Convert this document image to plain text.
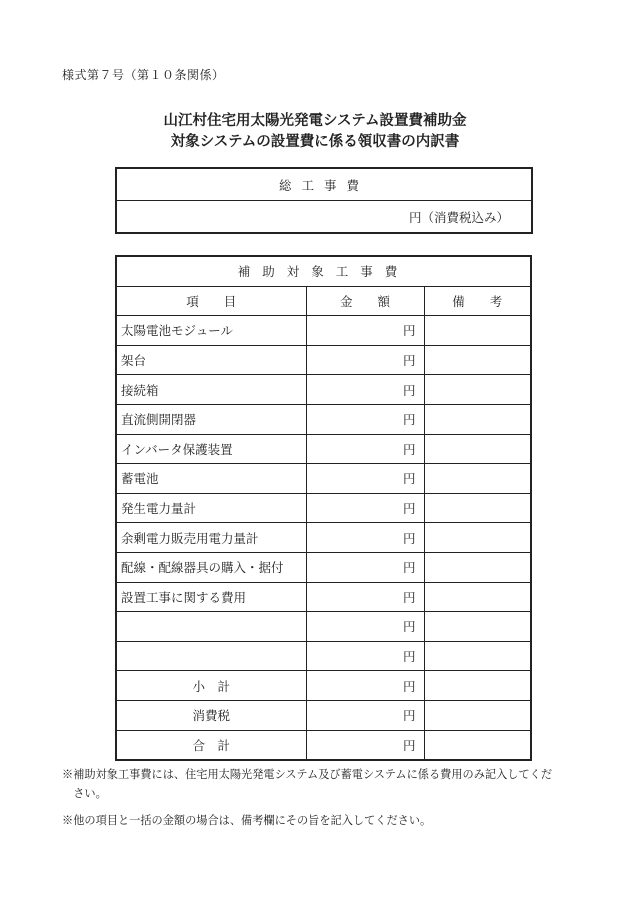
様式第７号（第１０条関係）
山江村住宅用太陽光発電システム設置費補助金
対象システムの設置費に係る領収書の内訳書
総工事費
円（消費税込み）
補助対象工事費		
項　　目	金　　額	備　　考
太陽電池モジュール	円	
架台	円	
接続箱	円	
直流側開閉器	円	
インバータ保護装置	円	
蓄電池	円	
発生電力量計	円	
余剰電力販売用電力量計	円	
配線・配線器具の購入・据付	円	
設置工事に関する費用	円	
	円	
	円	
小　計	円	
消費税	円	
合　計	円	
※補助対象工事費には、住宅用太陽光発電システム及び蓄電システムに係る費用のみ記入してくだ
　さい。
※他の項目と一括の金額の場合は、備考欄にその旨を記入してください。
